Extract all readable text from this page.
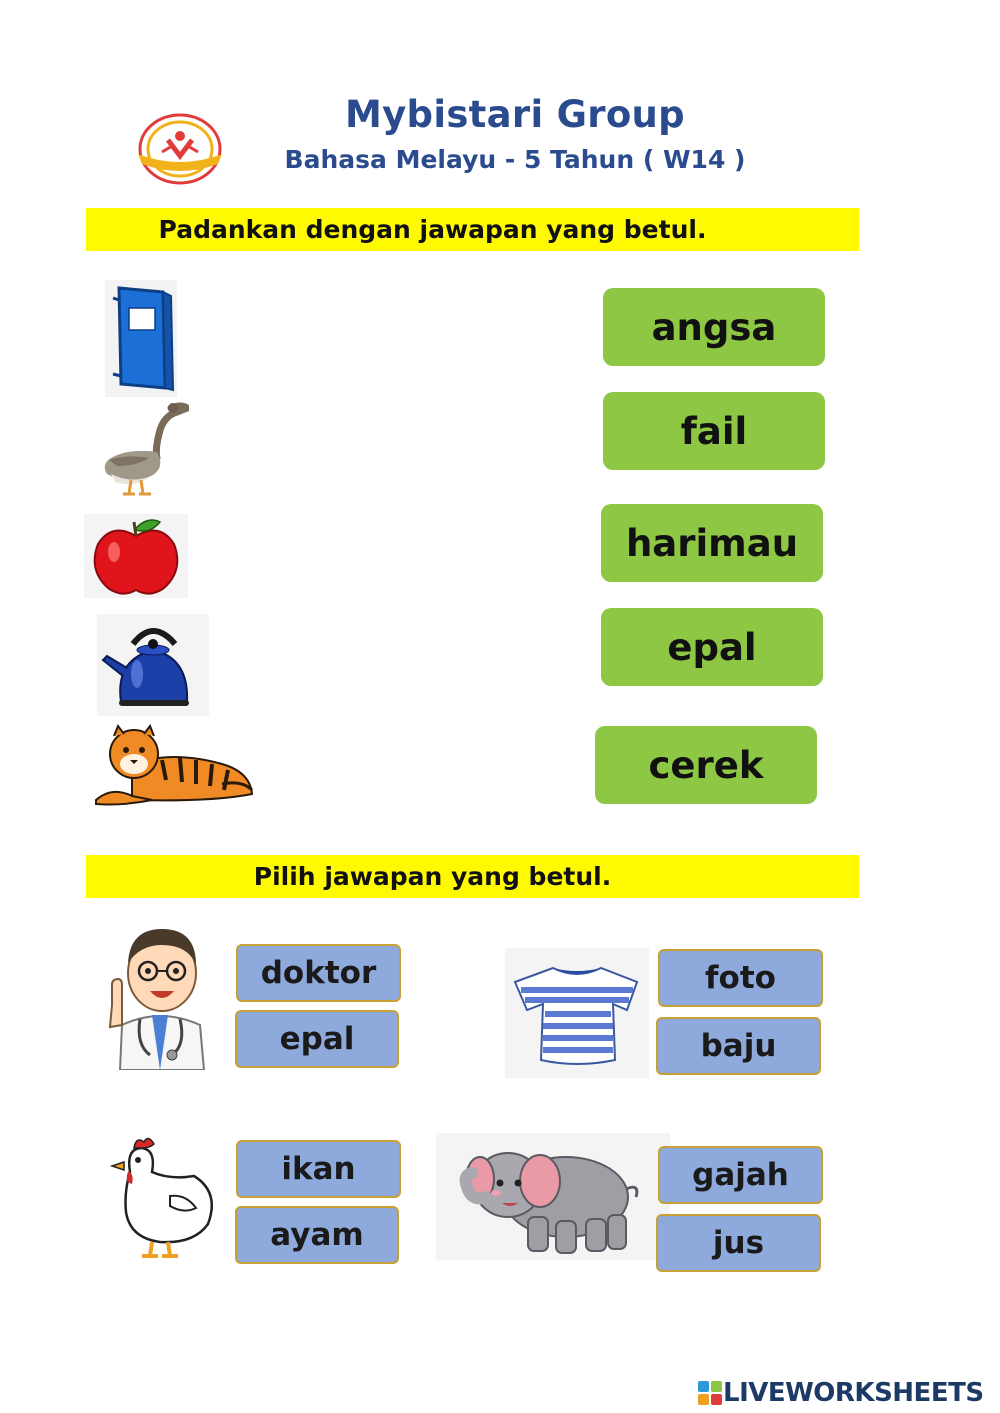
Mybistari Group
Bahasa Melayu - 5 Tahun ( W14 )
Padankan dengan jawapan yang betul.
angsa
fail
harimau
epal
cerek
Pilih jawapan yang betul.
doktor
epal
foto
baju
ikan
ayam
gajah
jus
LIVEWORKSHEETS
